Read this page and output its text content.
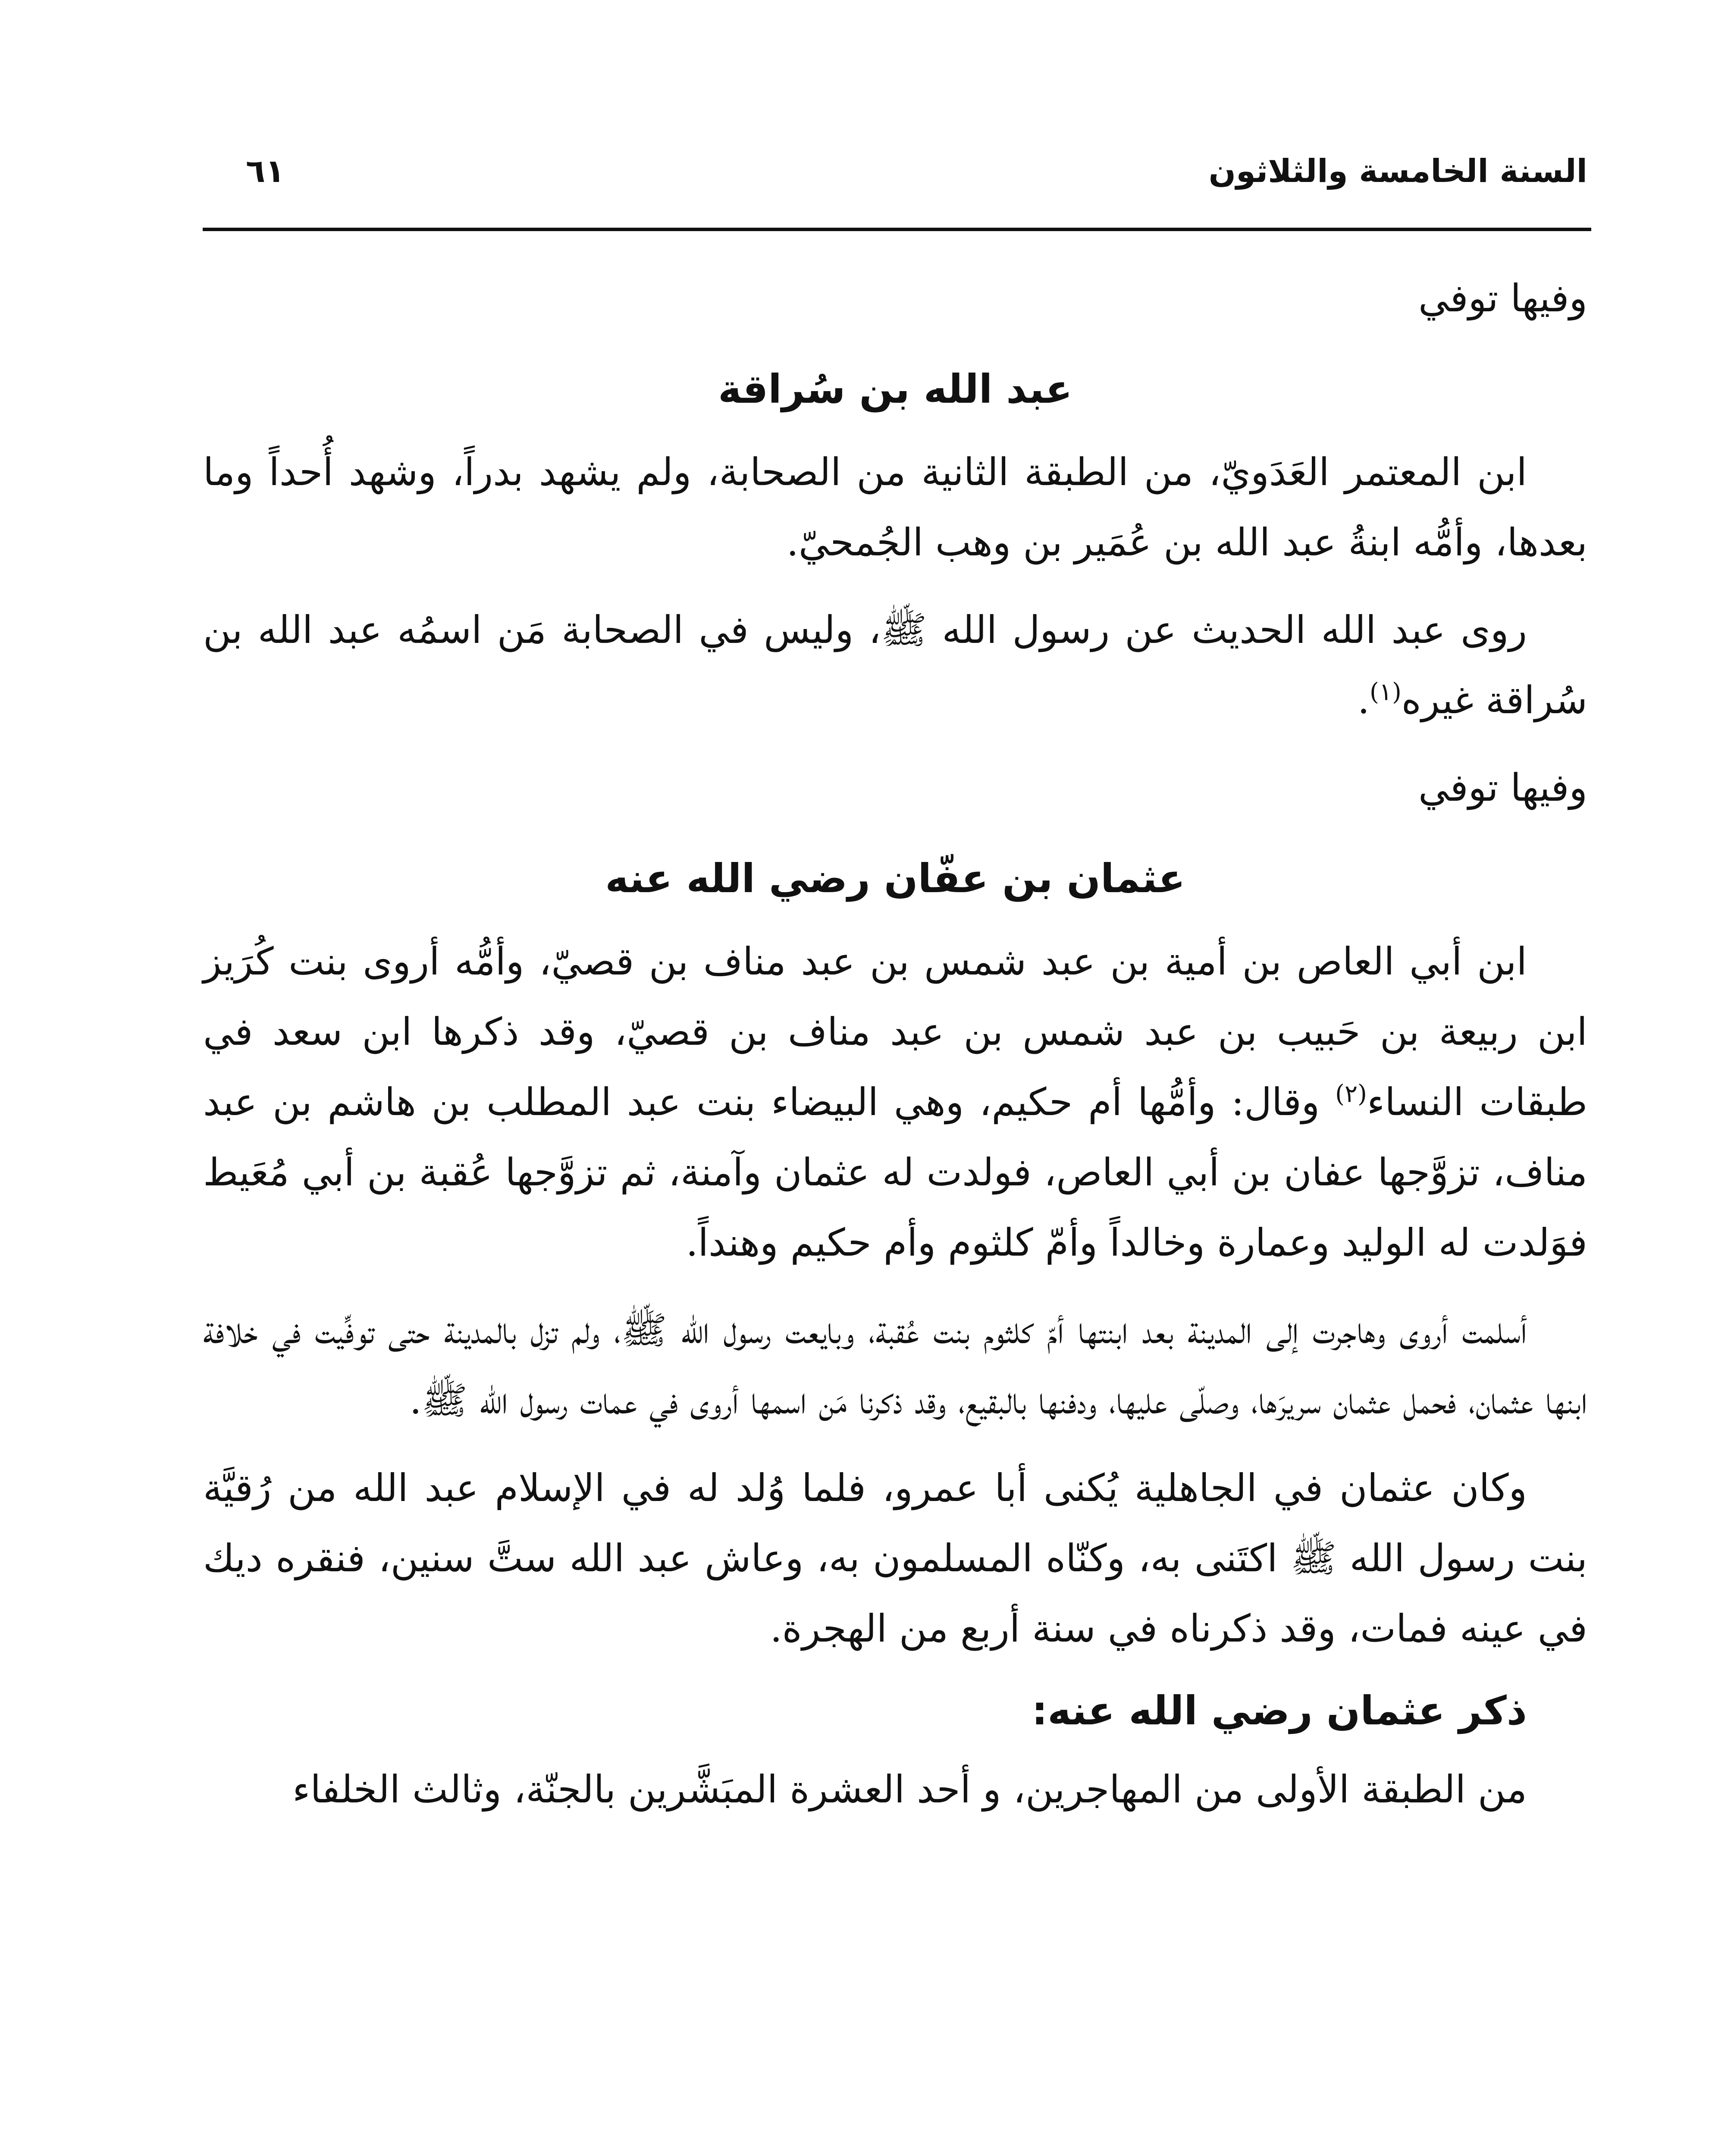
السنة الخامسة والثلاثون
٦١

وفيها توفي

عبد الله بن سُراقة

ابن المعتمر العَدَويّ، من الطبقة الثانية من الصحابة، ولم يشهد بدراً، وشهد أُحداً وما بعدها، وأمُّه ابنةُ عبد الله بن عُمَير بن وهب الجُمحيّ.

روى عبد الله الحديث عن رسول الله ﷺ، وليس في الصحابة مَن اسمُه عبد الله بن سُراقة غيره$^{(١)}$.

وفيها توفي

عثمان بن عفّان رضي الله عنه

ابن أبي العاص بن أمية بن عبد شمس بن عبد مناف بن قصيّ، وأمُّه أروى بنت كُرَيز ابن ربيعة بن حَبيب بن عبد شمس بن عبد مناف بن قصيّ، وقد ذكرها ابن سعد في طبقات النساء$^{(٢)}$ وقال: وأمُّها أم حكيم، وهي البيضاء بنت عبد المطلب بن هاشم بن عبد مناف، تزوَّجها عفان بن أبي العاص، فولدت له عثمان وآمنة، ثم تزوَّجها عُقبة بن أبي مُعَيط فوَلدت له الوليد وعمارة وخالداً وأمّ كلثوم وأم حكيم وهنداً.

أسلمت أروى وهاجرت إلى المدينة بعد ابنتها أمّ كلثوم بنت عُقبة، وبايعت رسول الله ﷺ، ولم تزل بالمدينة حتى توفِّيت في خلافة ابنها عثمان، فحمل عثمان سريرَها، وصلّى عليها، ودفنها بالبقيع، وقد ذكرنا مَن اسمها أروى في عمات رسول الله ﷺ.

وكان عثمان في الجاهلية يُكنى أبا عمرو، فلما وُلد له في الإسلام عبد الله من رُقيَّة بنت رسول الله ﷺ اكتَنى به، وكنّاه المسلمون به، وعاش عبد الله ستَّ سنين، فنقره ديك في عينه فمات، وقد ذكرناه في سنة أربع من الهجرة.

ذكر عثمان رضي الله عنه:

من الطبقة الأولى من المهاجرين، و أحد العشرة المبَشَّرين بالجنّة، وثالث الخلفاء
